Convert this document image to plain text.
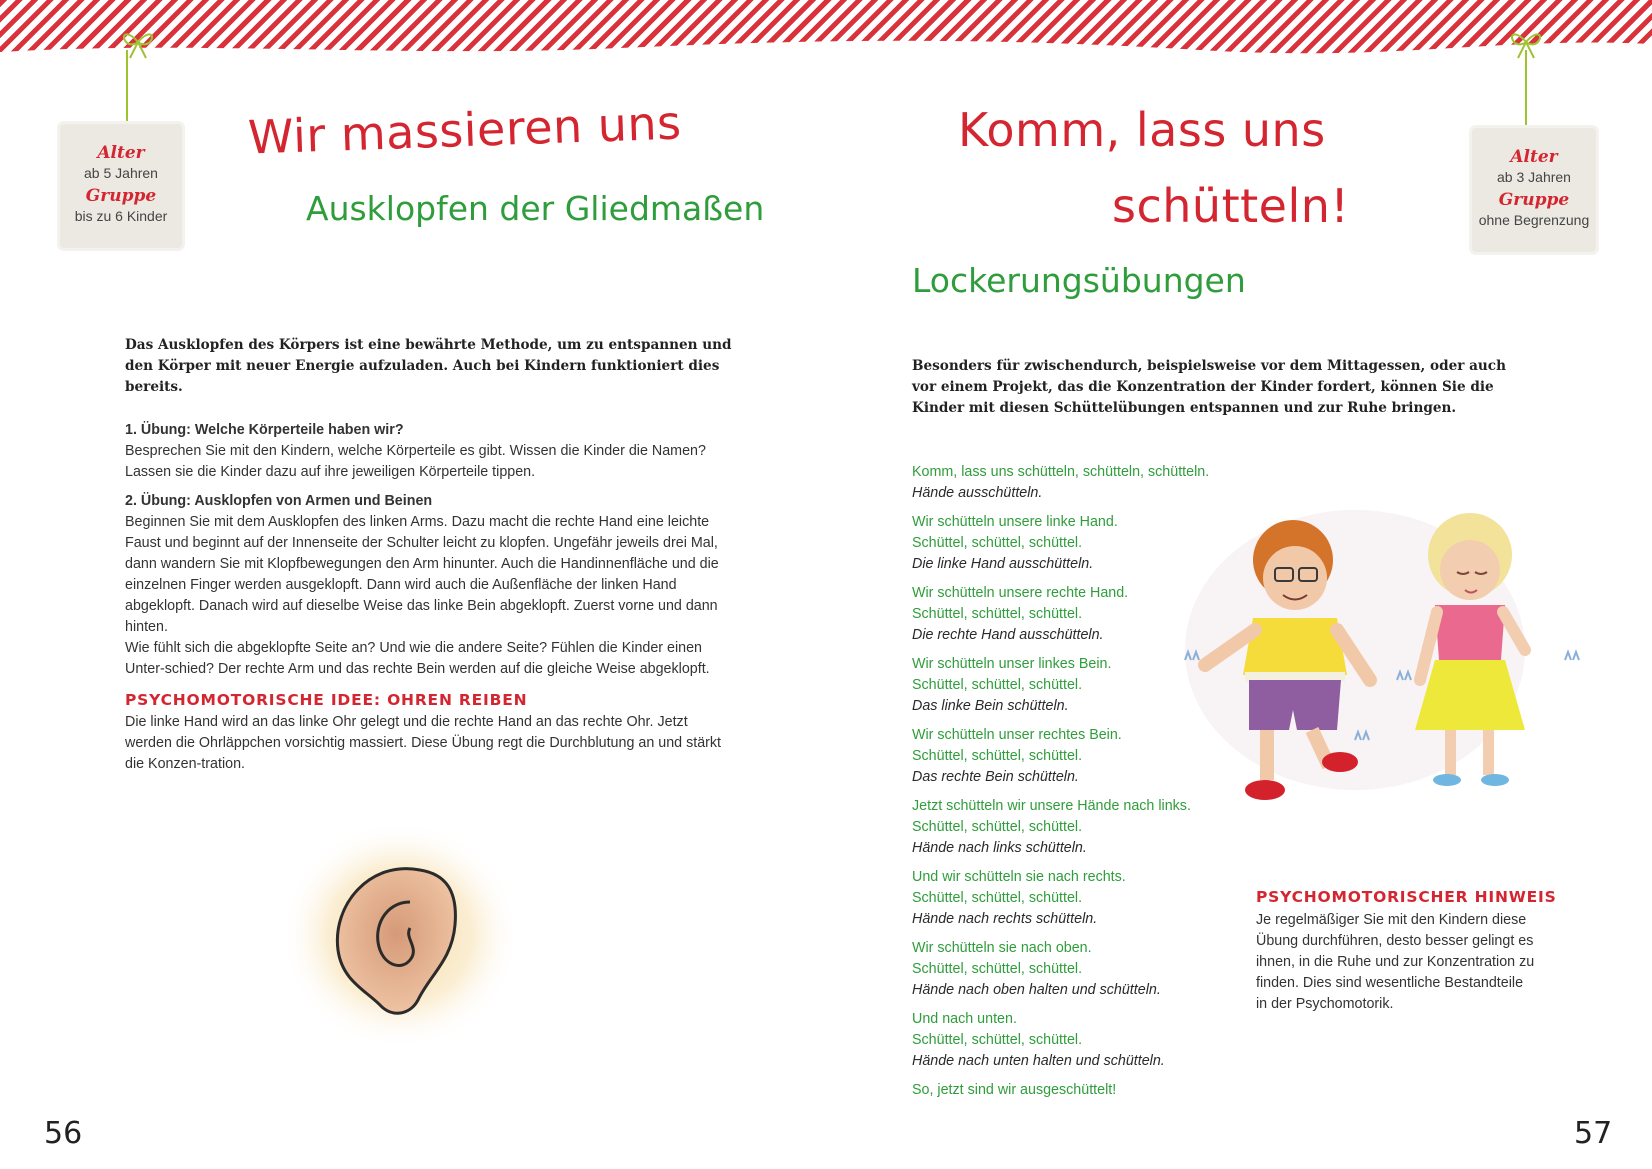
Alter
ab 5 Jahren
Gruppe
bis zu 6 Kinder
Wir massieren uns
Ausklopfen der Gliedmaßen
Das Ausklopfen des Körpers ist eine bewährte Methode, um zu entspannen und den Körper mit neuer Energie aufzuladen. Auch bei Kindern funktioniert dies bereits.

1. Übung: Welche Körperteile haben wir?

Besprechen Sie mit den Kindern, welche Körperteile es gibt. Wissen die Kinder die Namen? Lassen sie die Kinder dazu auf ihre jeweiligen Körperteile tippen.

2. Übung: Ausklopfen von Armen und Beinen

Beginnen Sie mit dem Ausklopfen des linken Arms. Dazu macht die rechte Hand eine leichte Faust und beginnt auf der Innenseite der Schulter leicht zu klopfen. Ungefähr jeweils drei Mal, dann wandern Sie mit Klopfbewegungen den Arm hinunter. Auch die Handinnenfläche und die einzelnen Finger werden ausgeklopft. Dann wird auch die Außenfläche der linken Hand abgeklopft. Danach wird auf dieselbe Weise das linke Bein abgeklopft. Zuerst vorne und dann hinten.

Wie fühlt sich die abgeklopfte Seite an? Und wie die andere Seite? Fühlen die Kinder einen Unter-schied? Der rechte Arm und das rechte Bein werden auf die gleiche Weise abgeklopft.

PSYCHOMOTORISCHE IDEE: OHREN REIBEN
Die linke Hand wird an das linke Ohr gelegt und die rechte Hand an das rechte Ohr. Jetzt werden die Ohrläppchen vorsichtig massiert. Diese Übung regt die Durchblutung an und stärkt die Konzen-tration.
56
Alter
ab 3 Jahren
Gruppe
ohne Begrenzung
Komm, lass uns
schütteln!
Lockerungsübungen
Besonders für zwischendurch, beispielsweise vor dem Mittagessen, oder auch vor einem Projekt, das die Konzentration der Kinder fordert, können Sie die Kinder mit diesen Schüttelübungen entspannen und zur Ruhe bringen.
Komm, lass uns schütteln, schütteln, schütteln.
Hände ausschütteln.
Wir schütteln unsere linke Hand.
Schüttel, schüttel, schüttel.
Die linke Hand ausschütteln.
Wir schütteln unsere rechte Hand.
Schüttel, schüttel, schüttel.
Die rechte Hand ausschütteln.
Wir schütteln unser linkes Bein.
Schüttel, schüttel, schüttel.
Das linke Bein schütteln.
Wir schütteln unser rechtes Bein.
Schüttel, schüttel, schüttel.
Das rechte Bein schütteln.
Jetzt schütteln wir unsere Hände nach links.
Schüttel, schüttel, schüttel.
Hände nach links schütteln.
Und wir schütteln sie nach rechts.
Schüttel, schüttel, schüttel.
Hände nach rechts schütteln.
Wir schütteln sie nach oben.
Schüttel, schüttel, schüttel.
Hände nach oben halten und schütteln.
Und nach unten.
Schüttel, schüttel, schüttel.
Hände nach unten halten und schütteln.
So, jetzt sind wir ausgeschüttelt!
PSYCHOMOTORISCHER HINWEIS
Je regelmäßiger Sie mit den Kindern diese Übung durchführen, desto besser gelingt es ihnen, in die Ruhe und zur Konzentration zu finden. Dies sind wesentliche Bestandteile in der Psychomotorik.
57
